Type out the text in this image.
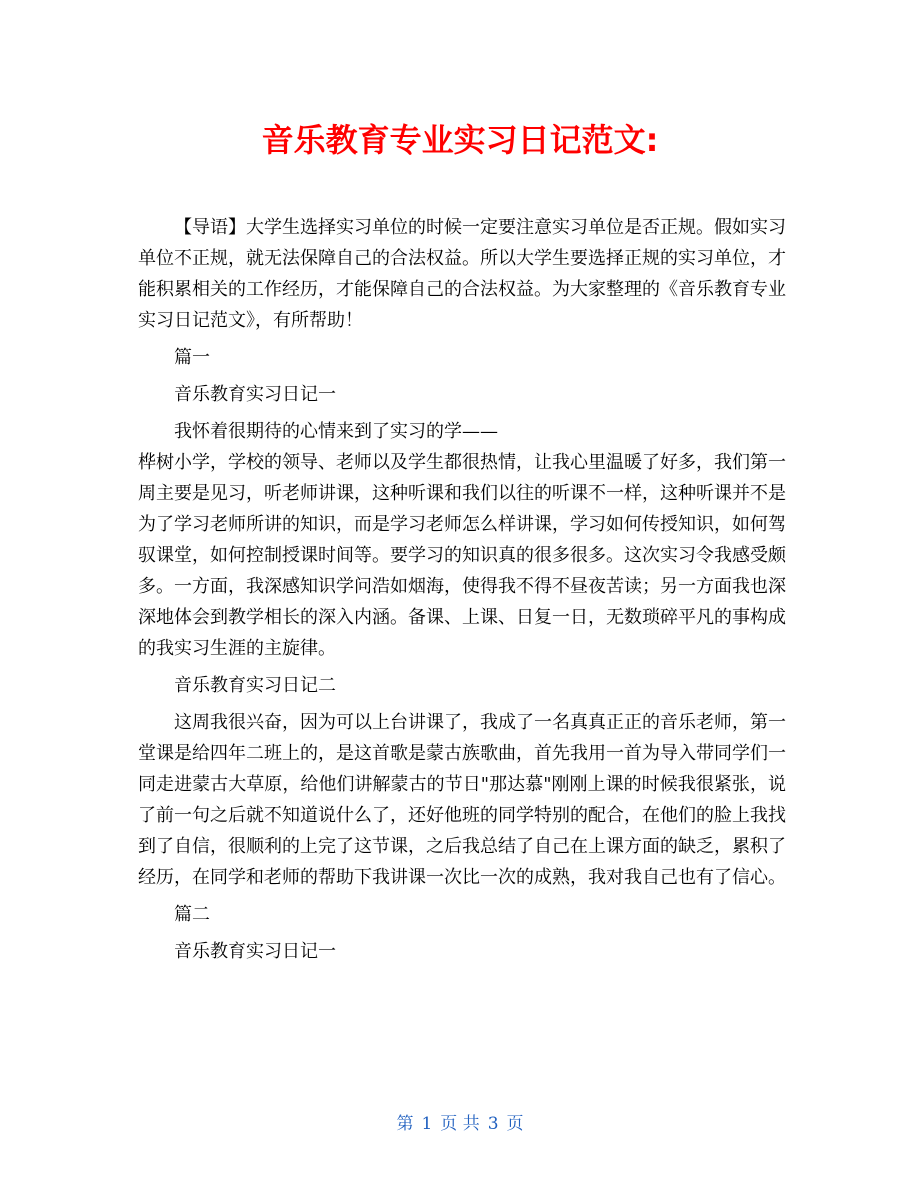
音乐教育专业实习日记范文:

【导语】大学生选择实习单位的时候一定要注意实习单位是否正规。假如实习单位不正规，就无法保障自己的合法权益。所以大学生要选择正规的实习单位，才能积累相关的工作经历，才能保障自己的合法权益。为大家整理的《音乐教育专业实习日记范文》，有所帮助！

篇一

音乐教育实习日记一

我怀着很期待的心情来到了实习的学——

桦树小学，学校的领导、老师以及学生都很热情，让我心里温暖了好多，我们第一周主要是见习，听老师讲课，这种听课和我们以往的听课不一样，这种听课并不是为了学习老师所讲的知识，而是学习老师怎么样讲课，学习如何传授知识，如何驾驭课堂，如何控制授课时间等。要学习的知识真的很多很多。这次实习令我感受颇多。一方面，我深感知识学问浩如烟海，使得我不得不昼夜苦读；另一方面我也深深地体会到教学相长的深入内涵。备课、上课、日复一日，无数琐碎平凡的事构成的我实习生涯的主旋律。

音乐教育实习日记二

这周我很兴奋，因为可以上台讲课了，我成了一名真真正正的音乐老师，第一堂课是给四年二班上的，是这首歌是蒙古族歌曲，首先我用一首为导入带同学们一同走进蒙古大草原，给他们讲解蒙古的节日"那达慕"刚刚上课的时候我很紧张，说了前一句之后就不知道说什么了，还好他班的同学特别的配合，在他们的脸上我找到了自信，很顺利的上完了这节课，之后我总结了自己在上课方面的缺乏，累积了经历，在同学和老师的帮助下我讲课一次比一次的成熟，我对我自己也有了信心。

篇二

音乐教育实习日记一

第 1 页 共 3 页
